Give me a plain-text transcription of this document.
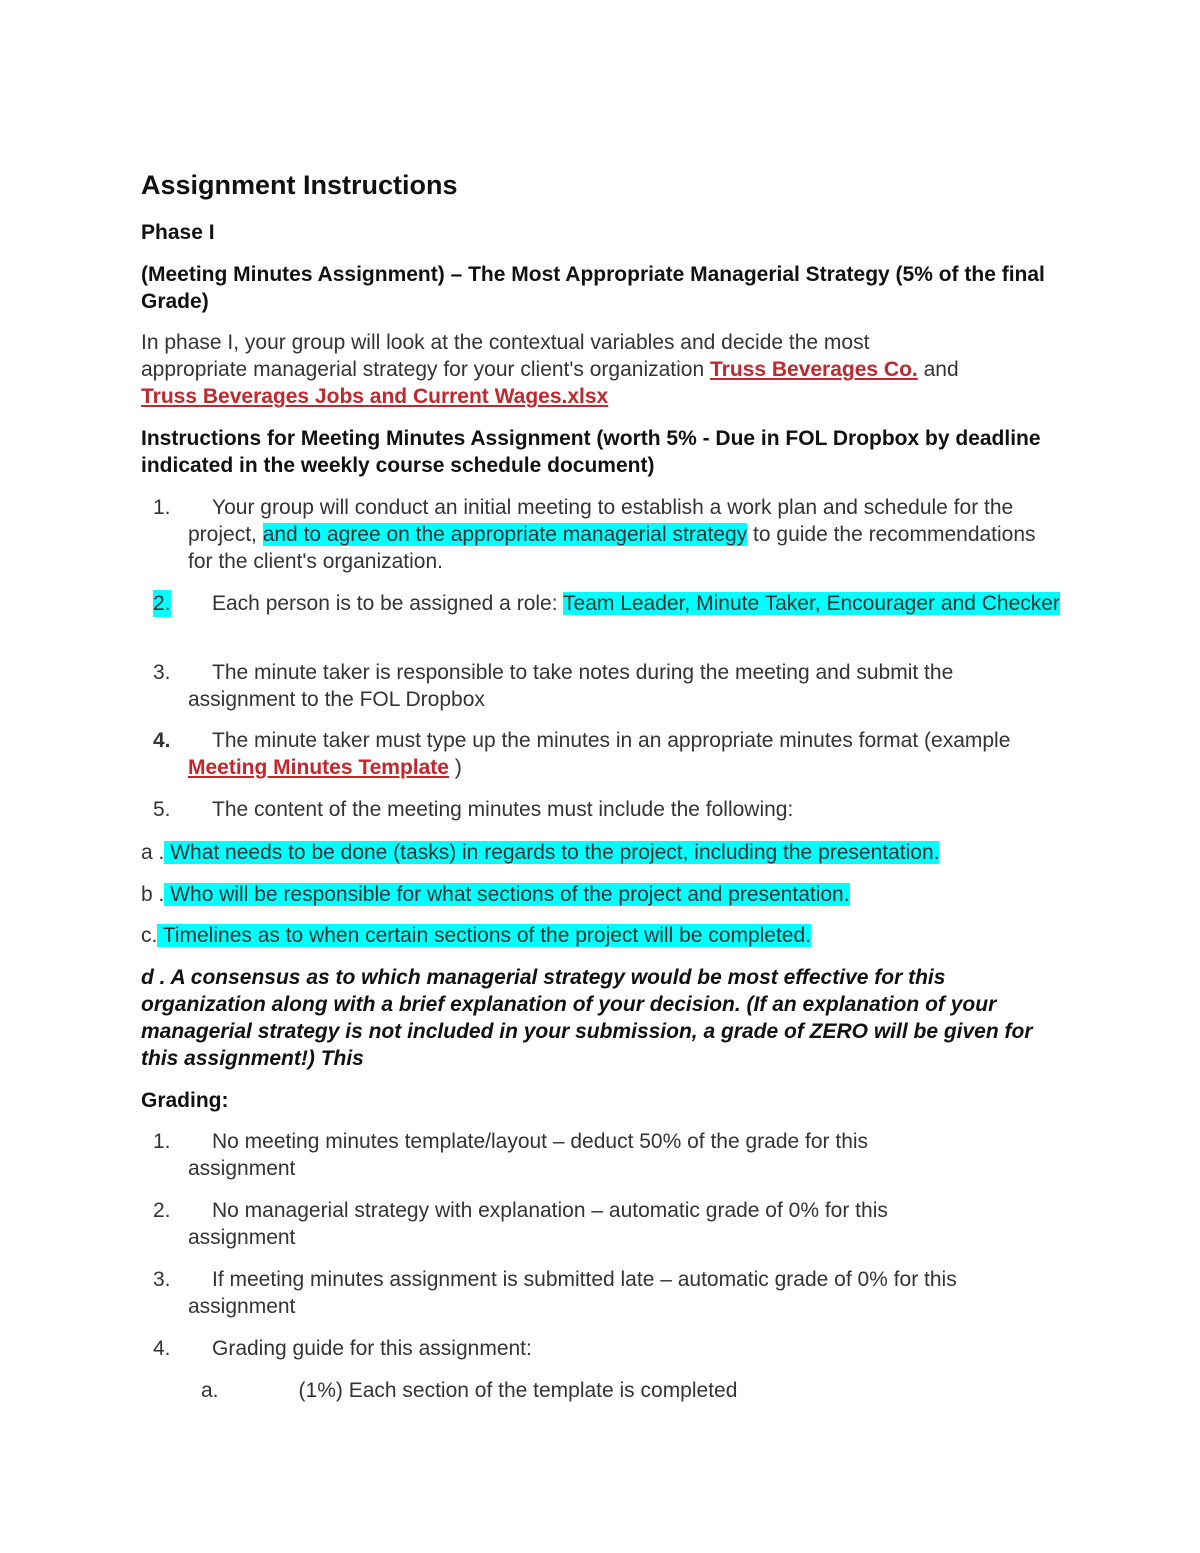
Assignment Instructions
Phase I
(Meeting Minutes Assignment) – The Most Appropriate Managerial Strategy (5% of the final Grade)
In phase I, your group will look at the contextual variables and decide the most appropriate managerial strategy for your client's organization Truss Beverages Co. and Truss Beverages Jobs and Current Wages.xlsx
Instructions for Meeting Minutes Assignment (worth 5% - Due in FOL Dropbox by deadline indicated in the weekly course schedule document)
1.	Your group will conduct an initial meeting to establish a work plan and schedule for the project, and to agree on the appropriate managerial strategy to guide the recommendations for the client's organization.
2.	Each person is to be assigned a role: Team Leader, Minute Taker, Encourager and Checker
3.	The minute taker is responsible to take notes during the meeting and submit the assignment to the FOL Dropbox
4.	The minute taker must type up the minutes in an appropriate minutes format (example Meeting Minutes Template )
5.	The content of the meeting minutes must include the following:
a . What needs to be done (tasks) in regards to the project, including the presentation.
b . Who will be responsible for what sections of the project and presentation.
c. Timelines as to when certain sections of the project will be completed.
d . A consensus as to which managerial strategy would be most effective for this organization along with a brief explanation of your decision. (If an explanation of your managerial strategy is not included in your submission, a grade of ZERO will be given for this assignment!) This
Grading:
1.	No meeting minutes template/layout – deduct 50% of the grade for this assignment
2.	No managerial strategy with explanation – automatic grade of 0% for this assignment
3.	If meeting minutes assignment is submitted late – automatic grade of 0% for this assignment
4.	Grading guide for this assignment:
a.	(1%) Each section of the template is completed
